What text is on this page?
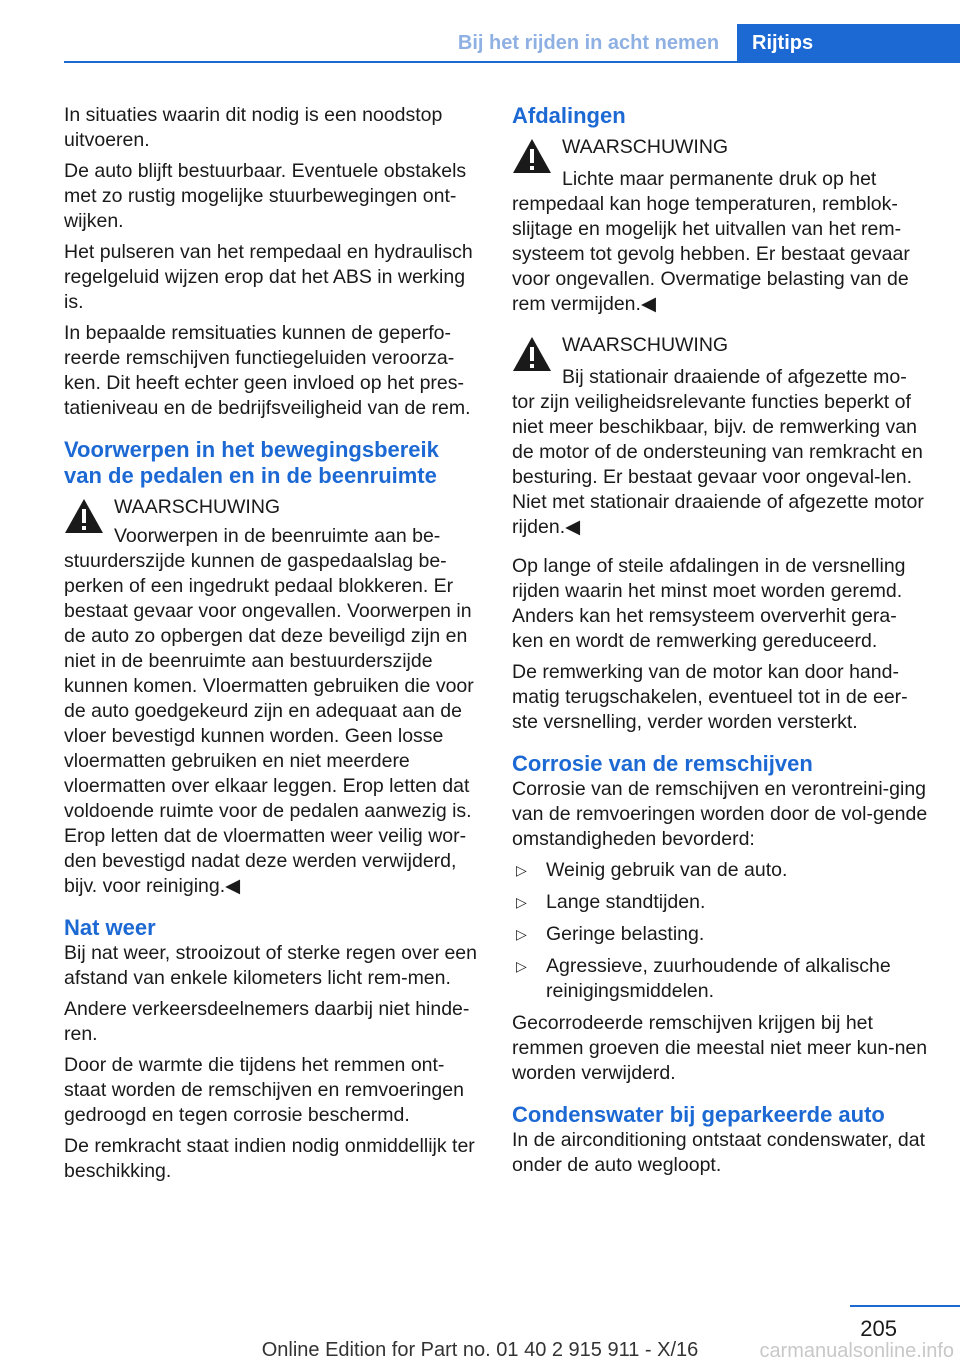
Bij het rijden in acht nemen	Rijtips

In situaties waarin dit nodig is een noodstop uitvoeren.

De auto blijft bestuurbaar. Eventuele obstakels met zo rustig mogelijke stuurbewegingen ont‐wijken.

Het pulseren van het rempedaal en hydraulisch regelgeluid wijzen erop dat het ABS in werking is.

In bepaalde remsituaties kunnen de geperfo‐reerde remschijven functiegeluiden veroorza‐ken. Dit heeft echter geen invloed op het pres‐tatieniveau en de bedrijfsveiligheid van de rem.

Voorwerpen in het bewegingsbereik van de pedalen en in de beenruimte
WAARSCHUWING
Voorwerpen in de beenruimte aan be‐stuurderszijde kunnen de gaspedaalslag be‐perken of een ingedrukt pedaal blokkeren. Er bestaat gevaar voor ongevallen. Voorwerpen in de auto zo opbergen dat deze beveiligd zijn en niet in de beenruimte aan bestuurderszijde kunnen komen. Vloermatten gebruiken die voor de auto goedgekeurd zijn en adequaat aan de vloer bevestigd kunnen worden. Geen losse vloermatten gebruiken en niet meerdere vloermatten over elkaar leggen. Erop letten dat voldoende ruimte voor de pedalen aanwezig is. Erop letten dat de vloermatten weer veilig wor‐den bevestigd nadat deze werden verwijderd, bijv. voor reiniging.◀
Nat weer

Bij nat weer, strooizout of sterke regen over een afstand van enkele kilometers licht rem‐men.

Andere verkeersdeelnemers daarbij niet hinde‐ren.

Door de warmte die tijdens het remmen ont‐staat worden de remschijven en remvoeringen gedroogd en tegen corrosie beschermd.

De remkracht staat indien nodig onmiddellijk ter beschikking.

Afdalingen
WAARSCHUWING
Lichte maar permanente druk op het
rempedaal kan hoge temperaturen, remblok‐slijtage en mogelijk het uitvallen van het rem‐systeem tot gevolg hebben. Er bestaat gevaar voor ongevallen. Overmatige belasting van de rem vermijden.◀
WAARSCHUWING
Bij stationair draaiende of afgezette mo‐
tor zijn veiligheidsrelevante functies beperkt of niet meer beschikbaar, bijv. de remwerking van de motor of de ondersteuning van remkracht en besturing. Er bestaat gevaar voor ongeval‐len. Niet met stationair draaiende of afgezette motor rijden.◀

Op lange of steile afdalingen in de versnelling rijden waarin het minst moet worden geremd. Anders kan het remsysteem oververhit gera‐ken en wordt de remwerking gereduceerd.

De remwerking van de motor kan door hand‐matig terugschakelen, eventueel tot in de eer‐ste versnelling, verder worden versterkt.

Corrosie van de remschijven

Corrosie van de remschijven en verontreini‐ging van de remvoeringen worden door de vol‐gende omstandigheden bevorderd:

▷ Weinig gebruik van de auto.
▷ Lange standtijden.
▷ Geringe belasting.
▷ Agressieve, zuurhoudende of alkalische reinigingsmiddelen.

Gecorrodeerde remschijven krijgen bij het remmen groeven die meestal niet meer kun‐nen worden verwijderd.

Condenswater bij geparkeerde auto

In de airconditioning ontstaat condenswater, dat onder de auto wegloopt.

205
Online Edition for Part no. 01 40 2 915 911 - X/16	carmanualsonline.info
